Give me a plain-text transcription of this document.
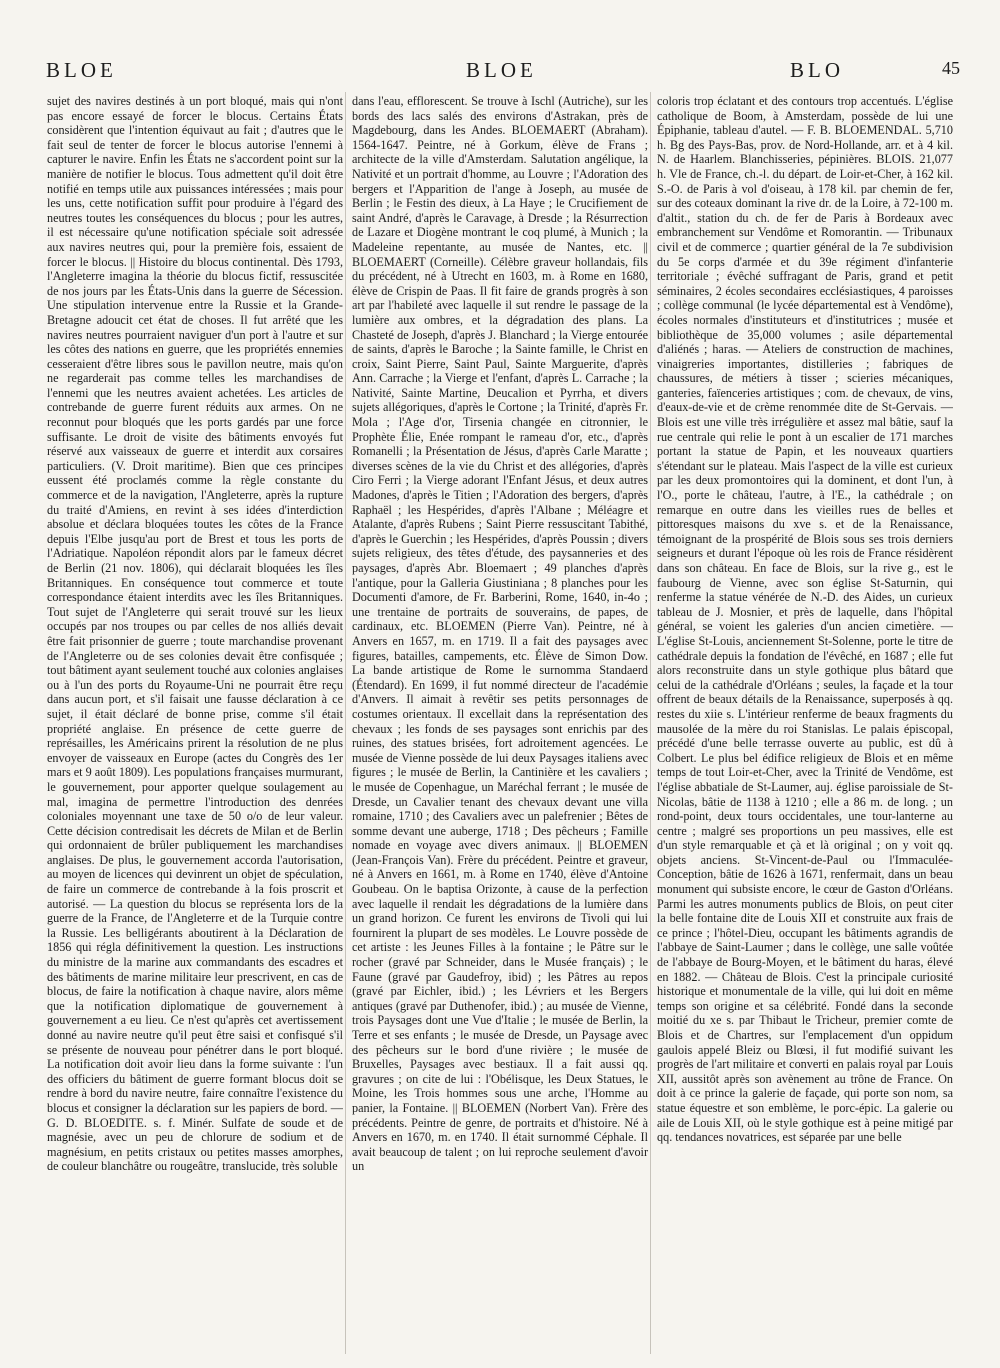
BLOE	BLOE	BLO	45

sujet des navires destinés à un port bloqué, mais qui n'ont pas encore essayé de forcer le blocus. Certains États considèrent que l'intention équivaut au fait ; d'autres que le fait seul de tenter de forcer le blocus autorise l'ennemi à capturer le navire. Enfin les États ne s'accordent point sur la manière de notifier le blocus. Tous admettent qu'il doit être notifié en temps utile aux puissances intéressées ; mais pour les uns, cette notification suffit pour produire à l'égard des neutres toutes les conséquences du blocus ; pour les autres, il est nécessaire qu'une notification spéciale soit adressée aux navires neutres qui, pour la première fois, essaient de forcer le blocus. || Histoire du blocus continental. Dès 1793, l'Angleterre imagina la théorie du blocus fictif, ressuscitée de nos jours par les États-Unis dans la guerre de Sécession. Une stipulation intervenue entre la Russie et la Grande-Bretagne adoucit cet état de choses. Il fut arrêté que les navires neutres pourraient naviguer d'un port à l'autre et sur les côtes des nations en guerre, que les propriétés ennemies cesseraient d'être libres sous le pavillon neutre, mais qu'on ne regarderait pas comme telles les marchandises de l'ennemi que les neutres avaient achetées. Les articles de contrebande de guerre furent réduits aux armes. On ne reconnut pour bloqués que les ports gardés par une force suffisante. Le droit de visite des bâtiments envoyés fut réservé aux vaisseaux de guerre et interdit aux corsaires particuliers. (V. Droit maritime). Bien que ces principes eussent été proclamés comme la règle constante du commerce et de la navigation, l'Angleterre, après la rupture du traité d'Amiens, en revint à ses idées d'interdiction absolue et déclara bloquées toutes les côtes de la France depuis l'Elbe jusqu'au port de Brest et tous les ports de l'Adriatique. Napoléon répondit alors par le fameux décret de Berlin (21 nov. 1806), qui déclarait bloquées les îles Britanniques. En conséquence tout commerce et toute correspondance étaient interdits avec les îles Britanniques. Tout sujet de l'Angleterre qui serait trouvé sur les lieux occupés par nos troupes ou par celles de nos alliés devait être fait prisonnier de guerre ; toute marchandise provenant de l'Angleterre ou de ses colonies devait être confisquée ; tout bâtiment ayant seulement touché aux colonies anglaises ou à l'un des ports du Royaume-Uni ne pourrait être reçu dans aucun port, et s'il faisait une fausse déclaration à ce sujet, il était déclaré de bonne prise, comme s'il était propriété anglaise. En présence de cette guerre de représailles, les Américains prirent la résolution de ne plus envoyer de vaisseaux en Europe (actes du Congrès des 1er mars et 9 août 1809). Les populations françaises murmurant, le gouvernement, pour apporter quelque soulagement au mal, imagina de permettre l'introduction des denrées coloniales moyennant une taxe de 50 o/o de leur valeur. Cette décision contredisait les décrets de Milan et de Berlin qui ordonnaient de brûler publiquement les marchandises anglaises. De plus, le gouvernement accorda l'autorisation, au moyen de licences qui devinrent un objet de spéculation, de faire un commerce de contrebande à la fois proscrit et autorisé. — La question du blocus se représenta lors de la guerre de la France, de l'Angleterre et de la Turquie contre la Russie. Les belligérants aboutirent à la Déclaration de 1856 qui régla définitivement la question. Les instructions du ministre de la marine aux commandants des escadres et des bâtiments de marine militaire leur prescrivent, en cas de blocus, de faire la notification à chaque navire, alors même que la notification diplomatique de gouvernement à gouvernement a eu lieu. Ce n'est qu'après cet avertissement donné au navire neutre qu'il peut être saisi et confisqué s'il se présente de nouveau pour pénétrer dans le port bloqué. La notification doit avoir lieu dans la forme suivante : l'un des officiers du bâtiment de guerre formant blocus doit se rendre à bord du navire neutre, faire connaître l'existence du blocus et consigner la déclaration sur les papiers de bord. — G. D. BLOEDITE. s. f. Minér. Sulfate de soude et de magnésie, avec un peu de chlorure de sodium et de magnésium, en petits cristaux ou petites masses amorphes, de couleur blanchâtre ou rougeâtre, translucide, très soluble

dans l'eau, efflorescent. Se trouve à Ischl (Autriche), sur les bords des lacs salés des environs d'Astrakan, près de Magdebourg, dans les Andes. BLOEMAERT (Abraham). 1564-1647. Peintre, né à Gorkum, élève de Frans ; architecte de la ville d'Amsterdam. Salutation angélique, la Nativité et un portrait d'homme, au Louvre ; l'Adoration des bergers et l'Apparition de l'ange à Joseph, au musée de Berlin ; le Festin des dieux, à La Haye ; le Crucifiement de saint André, d'après le Caravage, à Dresde ; la Résurrection de Lazare et Diogène montrant le coq plumé, à Munich ; la Madeleine repentante, au musée de Nantes, etc. || BLOEMAERT (Corneille). Célèbre graveur hollandais, fils du précédent, né à Utrecht en 1603, m. à Rome en 1680, élève de Crispin de Paas. Il fit faire de grands progrès à son art par l'habileté avec laquelle il sut rendre le passage de la lumière aux ombres, et la dégradation des plans. La Chasteté de Joseph, d'après J. Blanchard ; la Vierge entourée de saints, d'après le Baroche ; la Sainte famille, le Christ en croix, Saint Pierre, Saint Paul, Sainte Marguerite, d'après Ann. Carrache ; la Vierge et l'enfant, d'après L. Carrache ; la Nativité, Sainte Martine, Deucalion et Pyrrha, et divers sujets allégoriques, d'après le Cortone ; la Trinité, d'après Fr. Mola ; l'Age d'or, Tirsenia changée en citronnier, le Prophète Élie, Enée rompant le rameau d'or, etc., d'après Romanelli ; la Présentation de Jésus, d'après Carle Maratte ; diverses scènes de la vie du Christ et des allégories, d'après Ciro Ferri ; la Vierge adorant l'Enfant Jésus, et deux autres Madones, d'après le Titien ; l'Adoration des bergers, d'après Raphaël ; les Hespérides, d'après l'Albane ; Méléagre et Atalante, d'après Rubens ; Saint Pierre ressuscitant Tabithé, d'après le Guerchin ; les Hespérides, d'après Poussin ; divers sujets religieux, des têtes d'étude, des paysanneries et des paysages, d'après Abr. Bloemaert ; 49 planches d'après l'antique, pour la Galleria Giustiniana ; 8 planches pour les Documenti d'amore, de Fr. Barberini, Rome, 1640, in-4o ; une trentaine de portraits de souverains, de papes, de cardinaux, etc. BLOEMEN (Pierre Van). Peintre, né à Anvers en 1657, m. en 1719. Il a fait des paysages avec figures, batailles, campements, etc. Élève de Simon Dow. La bande artistique de Rome le surnomma Standaerd (Étendard). En 1699, il fut nommé directeur de l'académie d'Anvers. Il aimait à revêtir ses petits personnages de costumes orientaux. Il excellait dans la représentation des chevaux ; les fonds de ses paysages sont enrichis par des ruines, des statues brisées, fort adroitement agencées. Le musée de Vienne possède de lui deux Paysages italiens avec figures ; le musée de Berlin, la Cantinière et les cavaliers ; le musée de Copenhague, un Maréchal ferrant ; le musée de Dresde, un Cavalier tenant des chevaux devant une villa romaine, 1710 ; des Cavaliers avec un palefrenier ; Bêtes de somme devant une auberge, 1718 ; Des pêcheurs ; Famille nomade en voyage avec divers animaux. || BLOEMEN (Jean-François Van). Frère du précédent. Peintre et graveur, né à Anvers en 1661, m. à Rome en 1740, élève d'Antoine Goubeau. On le baptisa Orizonte, à cause de la perfection avec laquelle il rendait les dégradations de la lumière dans un grand horizon. Ce furent les environs de Tivoli qui lui fournirent la plupart de ses modèles. Le Louvre possède de cet artiste : les Jeunes Filles à la fontaine ; le Pâtre sur le rocher (gravé par Schneider, dans le Musée français) ; le Faune (gravé par Gaudefroy, ibid) ; les Pâtres au repos (gravé par Eichler, ibid.) ; les Lévriers et les Bergers antiques (gravé par Duthenofer, ibid.) ; au musée de Vienne, trois Paysages dont une Vue d'Italie ; le musée de Berlin, la Terre et ses enfants ; le musée de Dresde, un Paysage avec des pêcheurs sur le bord d'une rivière ; le musée de Bruxelles, Paysages avec bestiaux. Il a fait aussi qq. gravures ; on cite de lui : l'Obélisque, les Deux Statues, le Moine, les Trois hommes sous une arche, l'Homme au panier, la Fontaine. || BLOEMEN (Norbert Van). Frère des précédents. Peintre de genre, de portraits et d'histoire. Né à Anvers en 1670, m. en 1740. Il était surnommé Céphale. Il avait beaucoup de talent ; on lui reproche seulement d'avoir un

coloris trop éclatant et des contours trop accentués. L'église catholique de Boom, à Amsterdam, possède de lui une Épiphanie, tableau d'autel. — F. B. BLOEMENDAL. 5,710 h. Bg des Pays-Bas, prov. de Nord-Hollande, arr. et à 4 kil. N. de Haarlem. Blanchisseries, pépinières. BLOIS. 21,077 h. Vle de France, ch.-l. du départ. de Loir-et-Cher, à 162 kil. S.-O. de Paris à vol d'oiseau, à 178 kil. par chemin de fer, sur des coteaux dominant la rive dr. de la Loire, à 72-100 m. d'altit., station du ch. de fer de Paris à Bordeaux avec embranchement sur Vendôme et Romorantin. — Tribunaux civil et de commerce ; quartier général de la 7e subdivision du 5e corps d'armée et du 39e régiment d'infanterie territoriale ; évêché suffragant de Paris, grand et petit séminaires, 2 écoles secondaires ecclésiastiques, 4 paroisses ; collège communal (le lycée départemental est à Vendôme), écoles normales d'instituteurs et d'institutrices ; musée et bibliothèque de 35,000 volumes ; asile départemental d'aliénés ; haras. — Ateliers de construction de machines, vinaigreries importantes, distilleries ; fabriques de chaussures, de métiers à tisser ; scieries mécaniques, ganteries, faïenceries artistiques ; com. de chevaux, de vins, d'eaux-de-vie et de crème renommée dite de St-Gervais. — Blois est une ville très irrégulière et assez mal bâtie, sauf la rue centrale qui relie le pont à un escalier de 171 marches portant la statue de Papin, et les nouveaux quartiers s'étendant sur le plateau. Mais l'aspect de la ville est curieux par les deux promontoires qui la dominent, et dont l'un, à l'O., porte le château, l'autre, à l'E., la cathédrale ; on remarque en outre dans les vieilles rues de belles et pittoresques maisons du xve s. et de la Renaissance, témoignant de la prospérité de Blois sous ses trois derniers seigneurs et durant l'époque où les rois de France résidèrent dans son château. En face de Blois, sur la rive g., est le faubourg de Vienne, avec son église St-Saturnin, qui renferme la statue vénérée de N.-D. des Aides, un curieux tableau de J. Mosnier, et près de laquelle, dans l'hôpital général, se voient les galeries d'un ancien cimetière. — L'église St-Louis, anciennement St-Solenne, porte le titre de cathédrale depuis la fondation de l'évêché, en 1687 ; elle fut alors reconstruite dans un style gothique plus bâtard que celui de la cathédrale d'Orléans ; seules, la façade et la tour offrent de beaux détails de la Renaissance, superposés à qq. restes du xiie s. L'intérieur renferme de beaux fragments du mausolée de la mère du roi Stanislas. Le palais épiscopal, précédé d'une belle terrasse ouverte au public, est dû à Colbert. Le plus bel édifice religieux de Blois et en même temps de tout Loir-et-Cher, avec la Trinité de Vendôme, est l'église abbatiale de St-Laumer, auj. église paroissiale de St-Nicolas, bâtie de 1138 à 1210 ; elle a 86 m. de long. ; un rond-point, deux tours occidentales, une tour-lanterne au centre ; malgré ses proportions un peu massives, elle est d'un style remarquable et çà et là original ; on y voit qq. objets anciens. St-Vincent-de-Paul ou l'Immaculée-Conception, bâtie de 1626 à 1671, renfermait, dans un beau monument qui subsiste encore, le cœur de Gaston d'Orléans. Parmi les autres monuments publics de Blois, on peut citer la belle fontaine dite de Louis XII et construite aux frais de ce prince ; l'hôtel-Dieu, occupant les bâtiments agrandis de l'abbaye de Saint-Laumer ; dans le collège, une salle voûtée de l'abbaye de Bourg-Moyen, et le bâtiment du haras, élevé en 1882. — Château de Blois. C'est la principale curiosité historique et monumentale de la ville, qui lui doit en même temps son origine et sa célébrité. Fondé dans la seconde moitié du xe s. par Thibaut le Tricheur, premier comte de Blois et de Chartres, sur l'emplacement d'un oppidum gaulois appelé Bleiz ou Blœsi, il fut modifié suivant les progrès de l'art militaire et converti en palais royal par Louis XII, aussitôt après son avènement au trône de France. On doit à ce prince la galerie de façade, qui porte son nom, sa statue équestre et son emblème, le porc-épic. La galerie ou aile de Louis XII, où le style gothique est à peine mitigé par qq. tendances novatrices, est séparée par une belle
